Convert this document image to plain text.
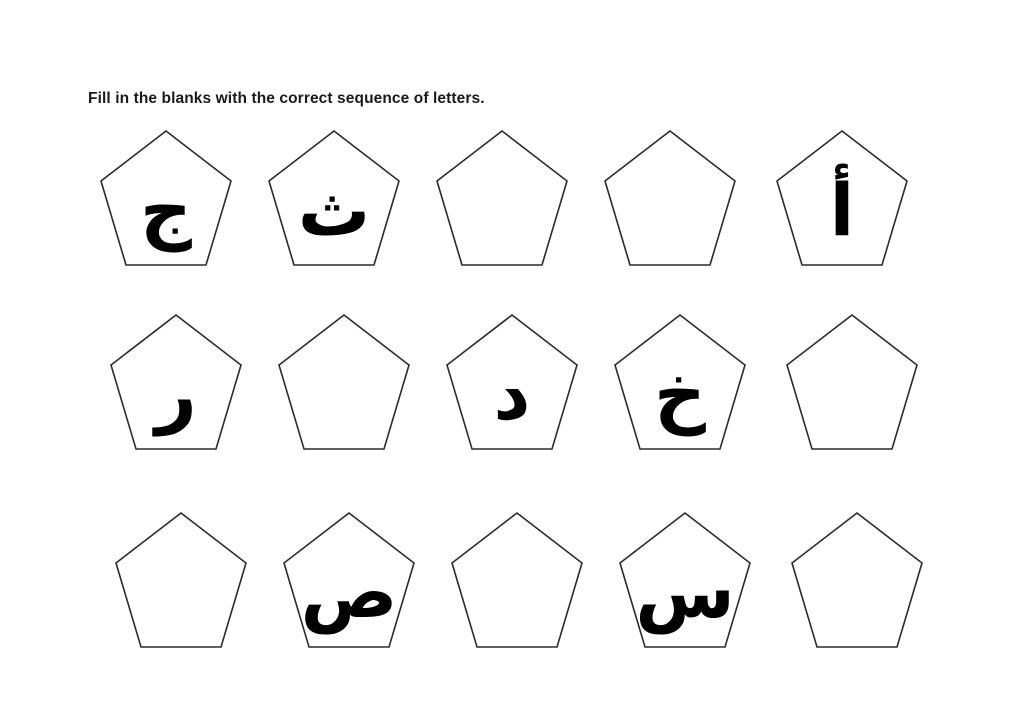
Fill in the blanks with the correct sequence of letters.
ج	ث	أ
ر	د	خ
ص	س
